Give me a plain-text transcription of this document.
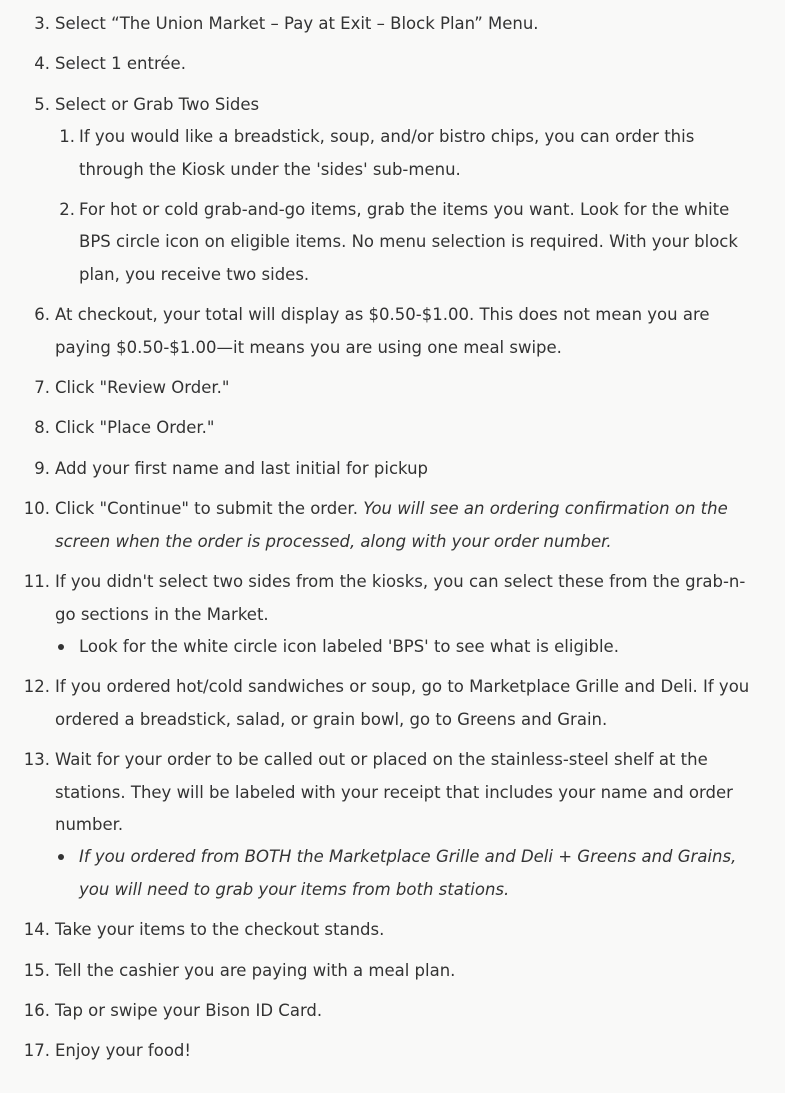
3. Select “The Union Market – Pay at Exit – Block Plan” Menu.
4. Select 1 entrée.
5. Select or Grab Two Sides
1. If you would like a breadstick, soup, and/or bistro chips, you can order this through the Kiosk under the 'sides' sub-menu.
2. For hot or cold grab-and-go items, grab the items you want. Look for the white BPS circle icon on eligible items. No menu selection is required. With your block plan, you receive two sides.
6. At checkout, your total will display as $0.50-$1.00. This does not mean you are paying $0.50-$1.00—it means you are using one meal swipe.
7. Click "Review Order."
8. Click "Place Order."
9. Add your first name and last initial for pickup
10. Click "Continue" to submit the order. You will see an ordering confirmation on the screen when the order is processed, along with your order number.
11. If you didn't select two sides from the kiosks, you can select these from the grab-n-go sections in the Market.
Look for the white circle icon labeled 'BPS' to see what is eligible.
12. If you ordered hot/cold sandwiches or soup, go to Marketplace Grille and Deli. If you ordered a breadstick, salad, or grain bowl, go to Greens and Grain.
13. Wait for your order to be called out or placed on the stainless-steel shelf at the stations. They will be labeled with your receipt that includes your name and order number.
If you ordered from BOTH the Marketplace Grille and Deli + Greens and Grains, you will need to grab your items from both stations.
14. Take your items to the checkout stands.
15. Tell the cashier you are paying with a meal plan.
16. Tap or swipe your Bison ID Card.
17. Enjoy your food!
